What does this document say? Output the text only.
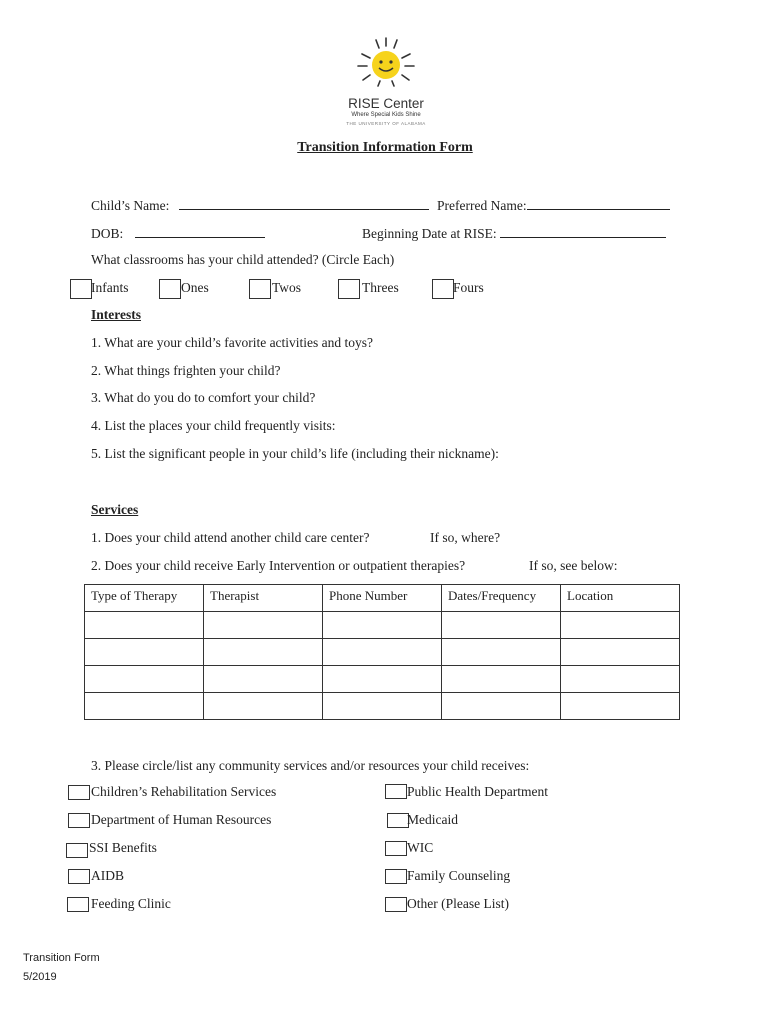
RISE Center
Where Special Kids Shine
THE UNIVERSITY OF ALABAMA
Transition Information Form
Child’s Name:	Preferred Name:
DOB:	Beginning Date at RISE:
What classrooms has your child attended? (Circle Each)
Infants	Ones	Twos	Threes	Fours
Interests
1. What are your child’s favorite activities and toys?
2. What things frighten your child?
3. What do you do to comfort your child?
4. List the places your child frequently visits:
5. List the significant people in your child’s life (including their nickname):
Services
1. Does your child attend another child care center?	If so, where?
2. Does your child receive Early Intervention or outpatient therapies?	If so, see below:
Type of Therapy	Therapist	Phone Number	Dates/Frequency	Location

3. Please circle/list any community services and/or resources your child receives:
Children’s Rehabilitation Services
Department of Human Resources
SSI Benefits
AIDB
Feeding Clinic
Public Health Department
Medicaid
WIC
Family Counseling
Other (Please List)
Transition Form
5/2019
